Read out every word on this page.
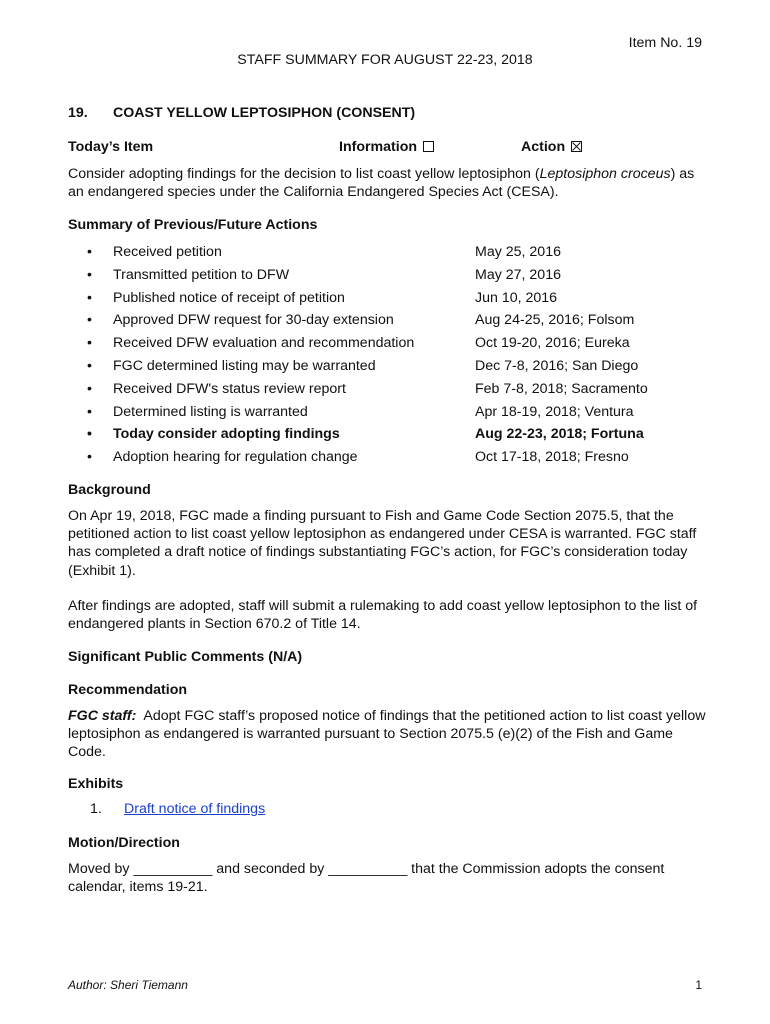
Item No. 19
STAFF SUMMARY FOR AUGUST 22-23, 2018
19. COAST YELLOW LEPTOSIPHON (CONSENT)
Today’s Item	Information	Action
Consider adopting findings for the decision to list coast yellow leptosiphon (Leptosiphon croceus) as an endangered species under the California Endangered Species Act (CESA).
Summary of Previous/Future Actions
• Received petition	May 25, 2016
• Transmitted petition to DFW	May 27, 2016
• Published notice of receipt of petition	Jun 10, 2016
• Approved DFW request for 30-day extension	Aug 24-25, 2016; Folsom
• Received DFW evaluation and recommendation	Oct 19-20, 2016; Eureka
• FGC determined listing may be warranted	Dec 7-8, 2016; San Diego
• Received DFW's status review report	Feb 7-8, 2018; Sacramento
• Determined listing is warranted	Apr 18-19, 2018; Ventura
• Today consider adopting findings	Aug 22-23, 2018; Fortuna
• Adoption hearing for regulation change	Oct 17-18, 2018; Fresno
Background
On Apr 19, 2018, FGC made a finding pursuant to Fish and Game Code Section 2075.5, that the petitioned action to list coast yellow leptosiphon as endangered under CESA is warranted. FGC staff has completed a draft notice of findings substantiating FGC’s action, for FGC’s consideration today (Exhibit 1).
After findings are adopted, staff will submit a rulemaking to add coast yellow leptosiphon to the list of endangered plants in Section 670.2 of Title 14.
Significant Public Comments (N/A)
Recommendation
FGC staff: Adopt FGC staff’s proposed notice of findings that the petitioned action to list coast yellow leptosiphon as endangered is warranted pursuant to Section 2075.5 (e)(2) of the Fish and Game Code.
Exhibits
1. Draft notice of findings
Motion/Direction
Moved by __________ and seconded by __________ that the Commission adopts the consent calendar, items 19-21.
Author: Sheri Tiemann	1
